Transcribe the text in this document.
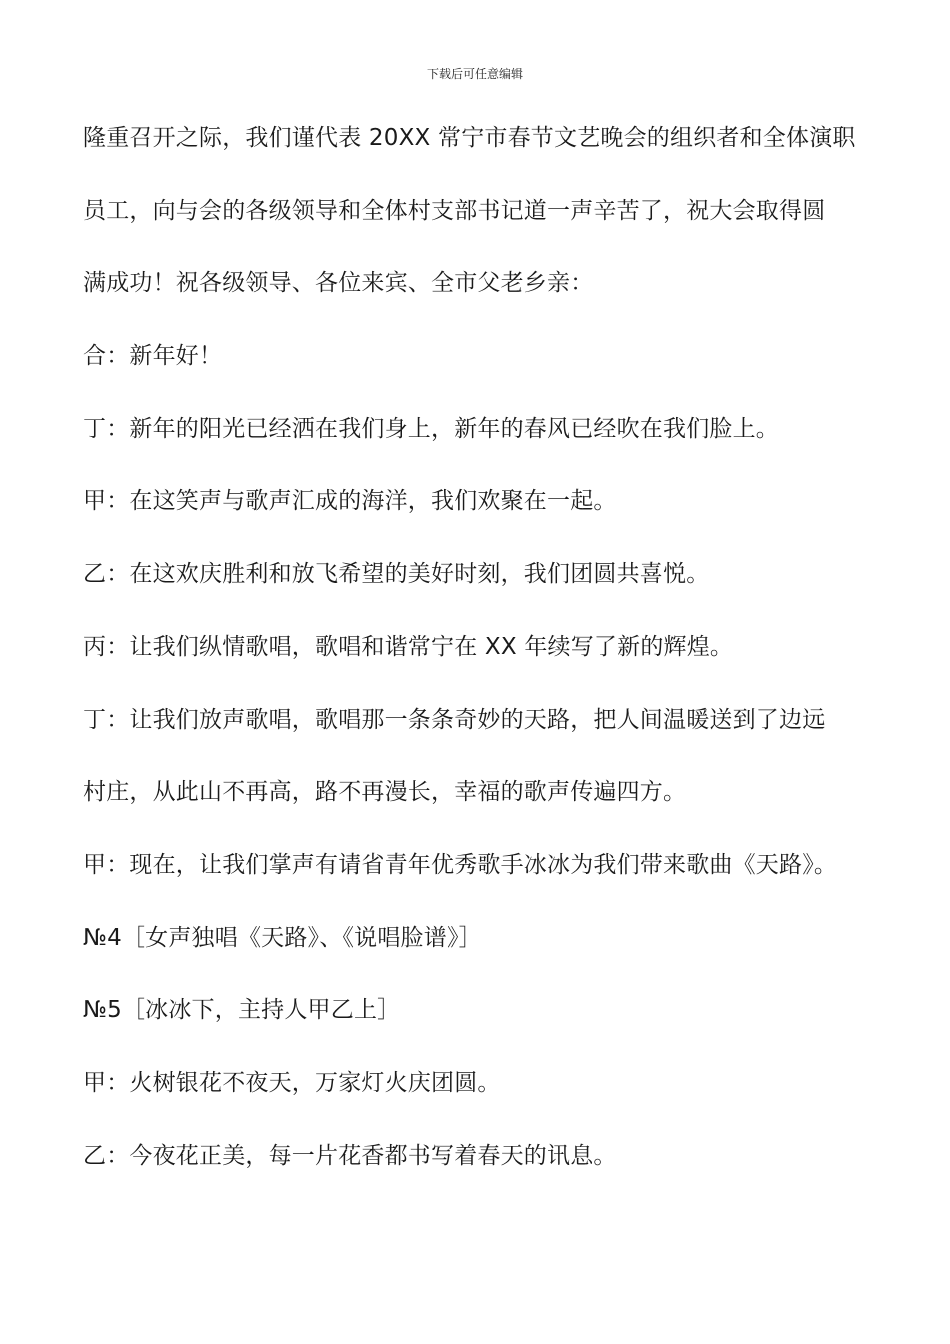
下载后可任意编辑
隆重召开之际，我们谨代表 20XX 常宁市春节文艺晚会的组织者和全体演职
员工，向与会的各级领导和全体村支部书记道一声辛苦了，祝大会取得圆
满成功！祝各级领导、各位来宾、全市父老乡亲：
合：新年好！
丁：新年的阳光已经洒在我们身上，新年的春风已经吹在我们脸上。
甲：在这笑声与歌声汇成的海洋，我们欢聚在一起。
乙：在这欢庆胜利和放飞希望的美好时刻，我们团圆共喜悦。
丙：让我们纵情歌唱，歌唱和谐常宁在 XX 年续写了新的辉煌。
丁：让我们放声歌唱，歌唱那一条条奇妙的天路，把人间温暖送到了边远
村庄，从此山不再高，路不再漫长，幸福的歌声传遍四方。
甲：现在，让我们掌声有请省青年优秀歌手冰冰为我们带来歌曲《天路》。
№4［女声独唱《天路》、《说唱脸谱》］
№5［冰冰下，主持人甲乙上］
甲：火树银花不夜天，万家灯火庆团圆。
乙：今夜花正美，每一片花香都书写着春天的讯息。
